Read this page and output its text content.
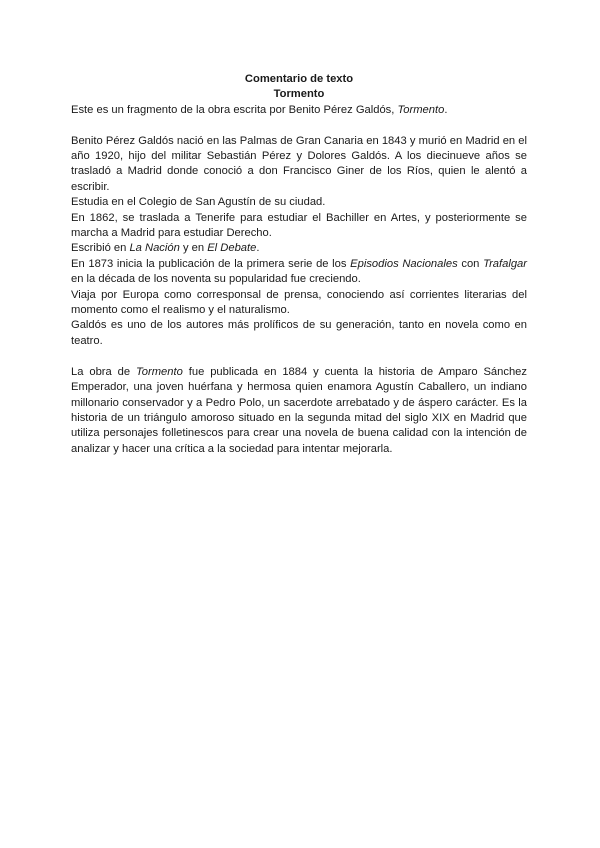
Comentario de texto

Tormento

Este es un fragmento de la obra escrita por Benito Pérez Galdós, Tormento.

Benito Pérez Galdós nació en las Palmas de Gran Canaria en 1843 y murió en Madrid en el año 1920, hijo del militar Sebastián Pérez y Dolores Galdós. A los diecinueve años se trasladó a Madrid donde conoció a don Francisco Giner de los Ríos, quien le alentó a escribir.

Estudia en el Colegio de San Agustín de su ciudad.

En 1862, se traslada a Tenerife para estudiar el Bachiller en Artes, y posteriormente se marcha a Madrid para estudiar Derecho.

Escribió en La Nación y en El Debate.

En 1873 inicia la publicación de la primera serie de los Episodios Nacionales con Trafalgar en la década de los noventa su popularidad fue creciendo.

Viaja por Europa como corresponsal de prensa, conociendo así corrientes literarias del momento como el realismo y el naturalismo.

Galdós es uno de los autores más prolíficos de su generación, tanto en novela como en teatro.

La obra de Tormento fue publicada en 1884 y cuenta la historia de Amparo Sánchez Emperador, una joven huérfana y hermosa quien enamora Agustín Caballero, un indiano millonario conservador y a Pedro Polo, un sacerdote arrebatado y de áspero carácter. Es la historia de un triángulo amoroso situado en la segunda mitad del siglo XIX en Madrid que utiliza personajes folletinescos para crear una novela de buena calidad con la intención de analizar y hacer una crítica a la sociedad para intentar mejorarla.
